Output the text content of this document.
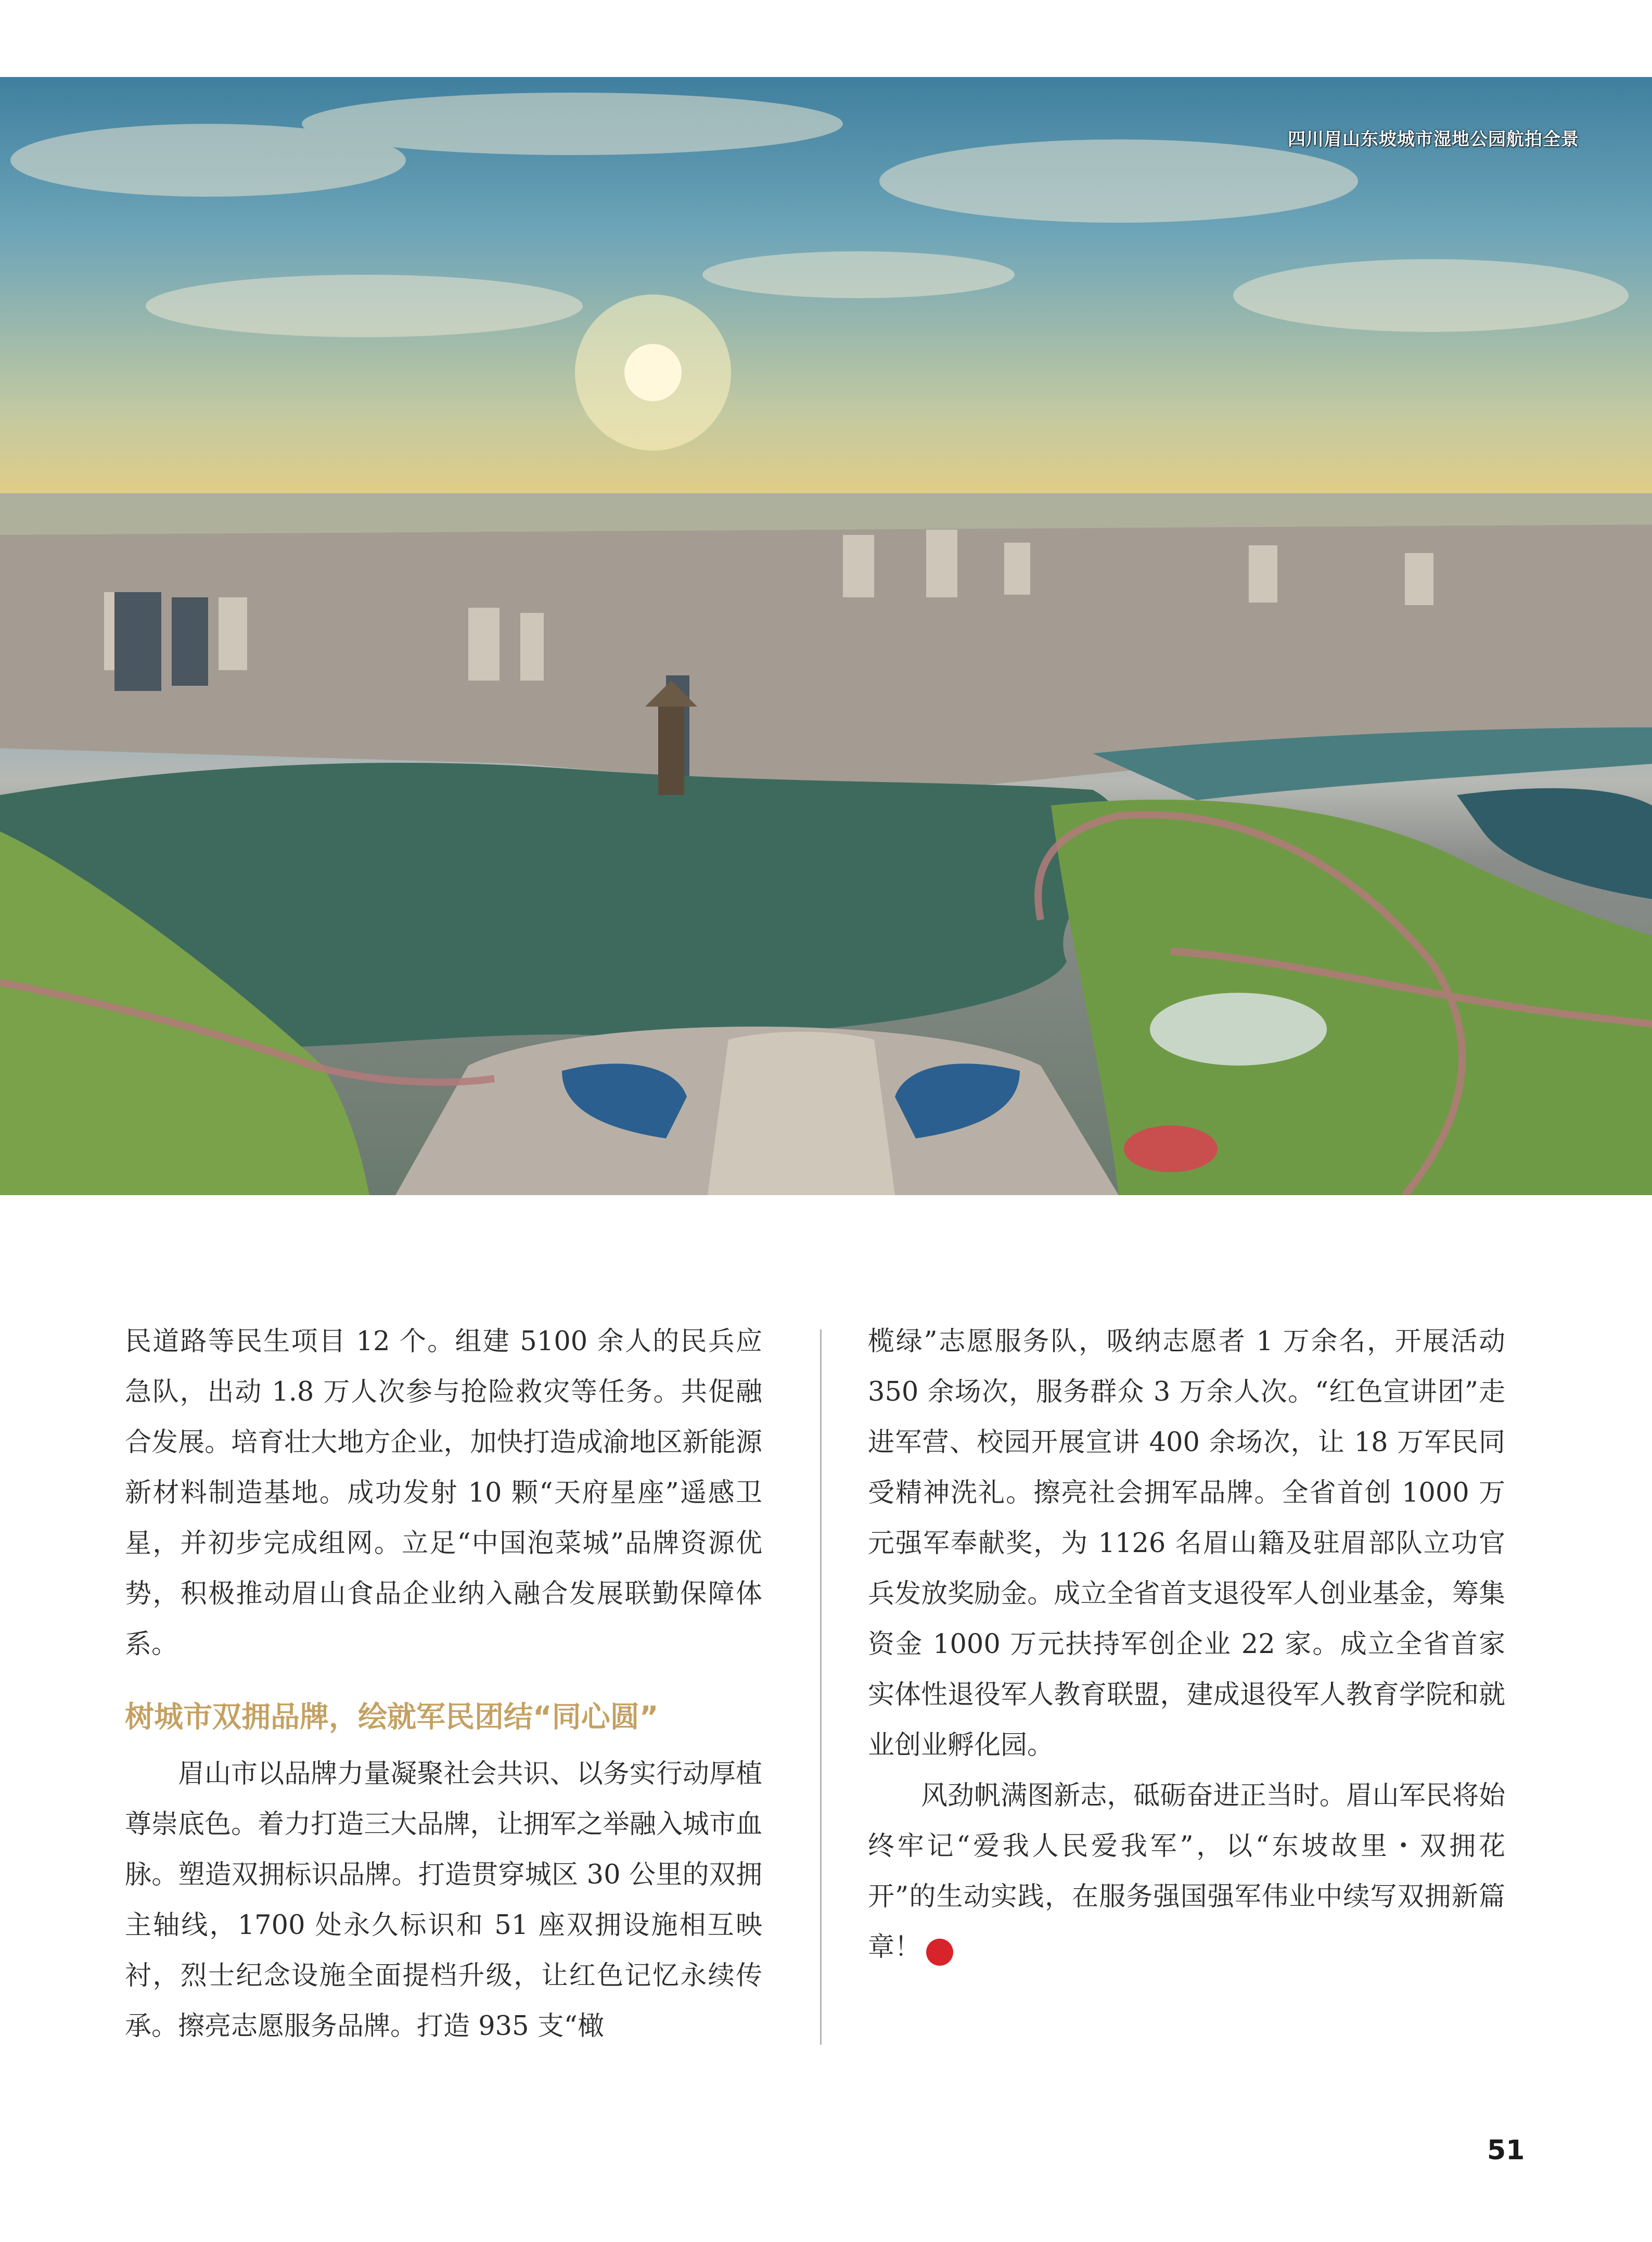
四川眉山东坡城市湿地公园航拍全景

民道路等民生项目 12 个。组建 5100 余人的民兵应急队，出动 1.8 万人次参与抢险救灾等任务。共促融合发展。培育壮大地方企业，加快打造成渝地区新能源新材料制造基地。成功发射 10 颗“天府星座”遥感卫星，并初步完成组网。立足“中国泡菜城”品牌资源优势，积极推动眉山食品企业纳入融合发展联勤保障体系。

树城市双拥品牌，绘就军民团结“同心圆”

眉山市以品牌力量凝聚社会共识、以务实行动厚植尊崇底色。着力打造三大品牌，让拥军之举融入城市血脉。塑造双拥标识品牌。打造贯穿城区 30 公里的双拥主轴线，1700 处永久标识和 51 座双拥设施相互映衬，烈士纪念设施全面提档升级，让红色记忆永续传承。擦亮志愿服务品牌。打造 935 支“橄

榄绿”志愿服务队，吸纳志愿者 1 万余名，开展活动 350 余场次，服务群众 3 万余人次。“红色宣讲团”走进军营、校园开展宣讲 400 余场次，让 18 万军民同受精神洗礼。擦亮社会拥军品牌。全省首创 1000 万元强军奉献奖，为 1126 名眉山籍及驻眉部队立功官兵发放奖励金。成立全省首支退役军人创业基金，筹集资金 1000 万元扶持军创企业 22 家。成立全省首家实体性退役军人教育联盟，建成退役军人教育学院和就业创业孵化园。

风劲帆满图新志，砥砺奋进正当时。眉山军民将始终牢记“爱我人民爱我军”，以“东坡故里・双拥花开”的生动实践，在服务强国强军伟业中续写双拥新篇章！	N

51
